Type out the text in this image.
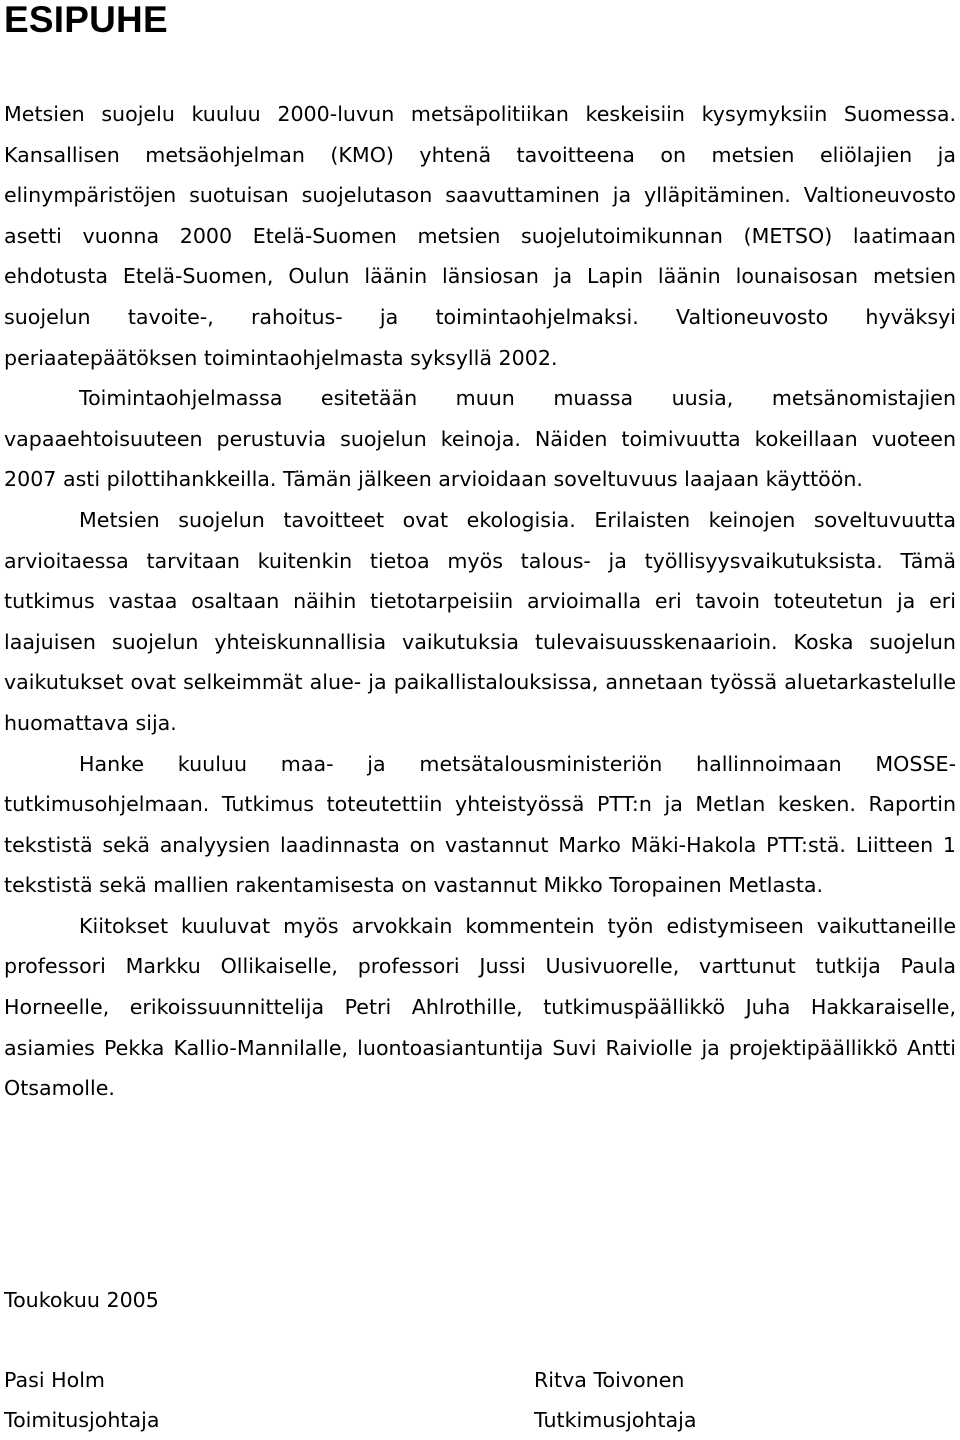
ESIPUHE

Metsien suojelu kuuluu 2000-luvun metsäpolitiikan keskeisiin kysymyksiin Suomessa. Kansallisen metsäohjelman (KMO) yhtenä tavoitteena on metsien eliölajien ja elinympäristöjen suotuisan suojelutason saavuttaminen ja ylläpitäminen. Valtioneuvosto asetti vuonna 2000 Etelä-Suomen metsien suojelutoimikunnan (METSO) laatimaan ehdotusta Etelä-Suomen, Oulun läänin länsiosan ja Lapin läänin lounaisosan metsien suojelun tavoite-, rahoitus- ja toimintaohjelmaksi. Valtioneuvosto hyväksyi periaatepäätöksen toimintaohjelmasta syksyllä 2002.

Toimintaohjelmassa esitetään muun muassa uusia, metsänomistajien vapaaehtoisuuteen perustuvia suojelun keinoja. Näiden toimivuutta kokeillaan vuoteen 2007 asti pilottihankkeilla. Tämän jälkeen arvioidaan soveltuvuus laajaan käyttöön.

Metsien suojelun tavoitteet ovat ekologisia. Erilaisten keinojen soveltuvuutta arvioitaessa tarvitaan kuitenkin tietoa myös talous- ja työllisyysvaikutuksista. Tämä tutkimus vastaa osaltaan näihin tietotarpeisiin arvioimalla eri tavoin toteutetun ja eri laajuisen suojelun yhteiskunnallisia vaikutuksia tulevaisuusskenaarioin. Koska suojelun vaikutukset ovat selkeimmät alue- ja paikallistalouksissa, annetaan työssä aluetarkastelulle huomattava sija.

Hanke kuuluu maa- ja metsätalousministeriön hallinnoimaan MOSSEtutkimusohjelmaan. Tutkimus toteutettiin yhteistyössä PTT:n ja Metlan kesken. Raportin tekstistä sekä analyysien laadinnasta on vastannut Marko Mäki-Hakola PTT:stä. Liitteen 1 tekstistä sekä mallien rakentamisesta on vastannut Mikko Toropainen Metlasta.

Kiitokset kuuluvat myös arvokkain kommentein työn edistymiseen vaikuttaneille professori Markku Ollikaiselle, professori Jussi Uusivuorelle, varttunut tutkija Paula Horneelle, erikoissuunnittelija Petri Ahlrothille, tutkimuspäällikkö Juha Hakkaraiselle, asiamies Pekka Kallio-Mannilalle, luontoasiantuntija Suvi Raiviolle ja projektipäällikkö Antti Otsamolle.

Toukokuu 2005

Pasi Holm
Toimitusjohtaja
Ritva Toivonen
Tutkimusjohtaja
